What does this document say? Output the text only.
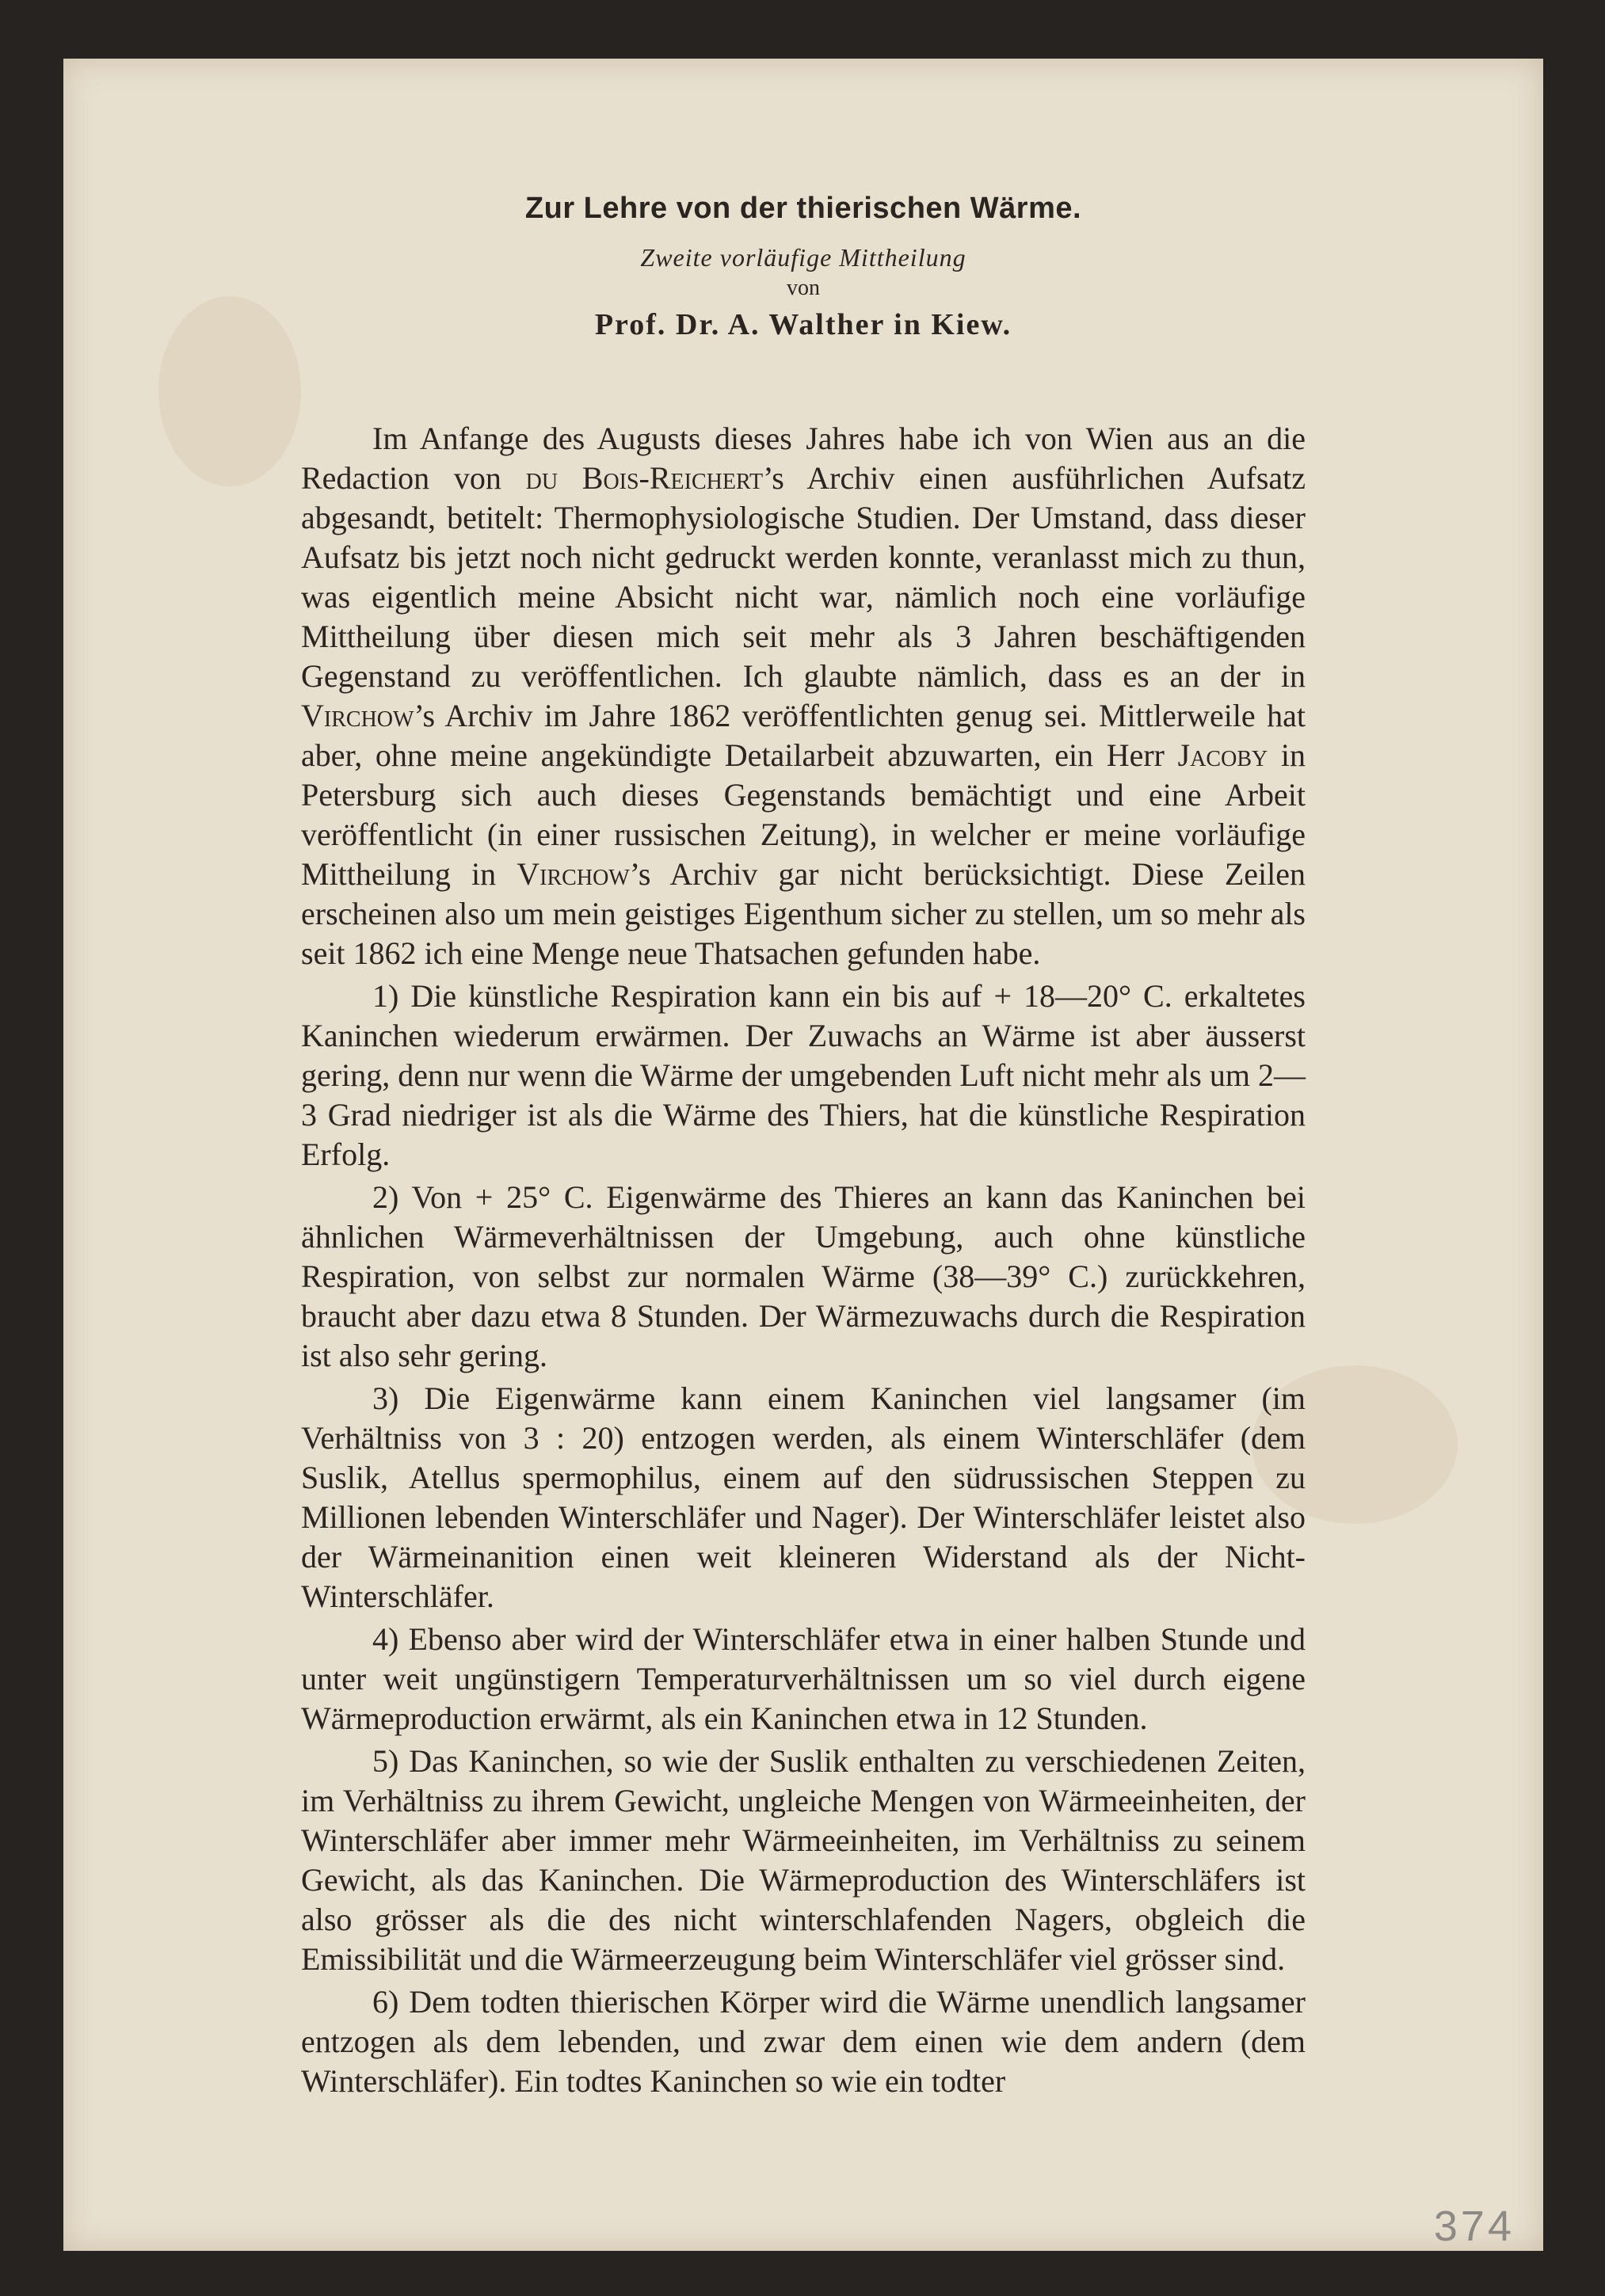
Zur Lehre von der thierischen Wärme.
Zweite vorläufige Mittheilung
von
Prof. Dr. A. Walther in Kiew.

Im Anfange des Augusts dieses Jahres habe ich von Wien aus an die Redaction von du Bois-Reichert’s Archiv einen ausführlichen Aufsatz abgesandt, betitelt: Thermophysiologische Studien. Der Umstand, dass dieser Aufsatz bis jetzt noch nicht gedruckt werden konnte, veranlasst mich zu thun, was eigentlich meine Absicht nicht war, nämlich noch eine vorläufige Mittheilung über diesen mich seit mehr als 3 Jahren beschäftigenden Gegenstand zu veröffentlichen. Ich glaubte nämlich, dass es an der in Virchow’s Archiv im Jahre 1862 veröffentlichten genug sei. Mittlerweile hat aber, ohne meine angekündigte Detailarbeit abzuwarten, ein Herr Jacoby in Petersburg sich auch dieses Gegenstands bemächtigt und eine Arbeit veröffentlicht (in einer russischen Zeitung), in welcher er meine vorläufige Mittheilung in Virchow’s Archiv gar nicht berücksichtigt. Diese Zeilen erscheinen also um mein geistiges Eigenthum sicher zu stellen, um so mehr als seit 1862 ich eine Menge neue Thatsachen gefunden habe.

1) Die künstliche Respiration kann ein bis auf + 18—20° C. erkaltetes Kaninchen wiederum erwärmen. Der Zuwachs an Wärme ist aber äusserst gering, denn nur wenn die Wärme der umgebenden Luft nicht mehr als um 2—3 Grad niedriger ist als die Wärme des Thiers, hat die künstliche Respiration Erfolg.

2) Von + 25° C. Eigenwärme des Thieres an kann das Kaninchen bei ähnlichen Wärmeverhältnissen der Umgebung, auch ohne künstliche Respiration, von selbst zur normalen Wärme (38—39° C.) zurückkehren, braucht aber dazu etwa 8 Stunden. Der Wärmezuwachs durch die Respiration ist also sehr gering.

3) Die Eigenwärme kann einem Kaninchen viel langsamer (im Verhältniss von 3 : 20) entzogen werden, als einem Winterschläfer (dem Suslik, Atellus spermophilus, einem auf den südrussischen Steppen zu Millionen lebenden Winterschläfer und Nager). Der Winterschläfer leistet also der Wärmeinanition einen weit kleineren Widerstand als der Nicht-Winterschläfer.

4) Ebenso aber wird der Winterschläfer etwa in einer halben Stunde und unter weit ungünstigern Temperaturverhältnissen um so viel durch eigene Wärmeproduction erwärmt, als ein Kaninchen etwa in 12 Stunden.

5) Das Kaninchen, so wie der Suslik enthalten zu verschiedenen Zeiten, im Verhältniss zu ihrem Gewicht, ungleiche Mengen von Wärmeeinheiten, der Winterschläfer aber immer mehr Wärmeeinheiten, im Verhältniss zu seinem Gewicht, als das Kaninchen. Die Wärmeproduction des Winterschläfers ist also grösser als die des nicht winterschlafenden Nagers, obgleich die Emissibilität und die Wärmeerzeugung beim Winterschläfer viel grösser sind.

6) Dem todten thierischen Körper wird die Wärme unendlich langsamer entzogen als dem lebenden, und zwar dem einen wie dem andern (dem Winterschläfer). Ein todtes Kaninchen so wie ein todter

374
